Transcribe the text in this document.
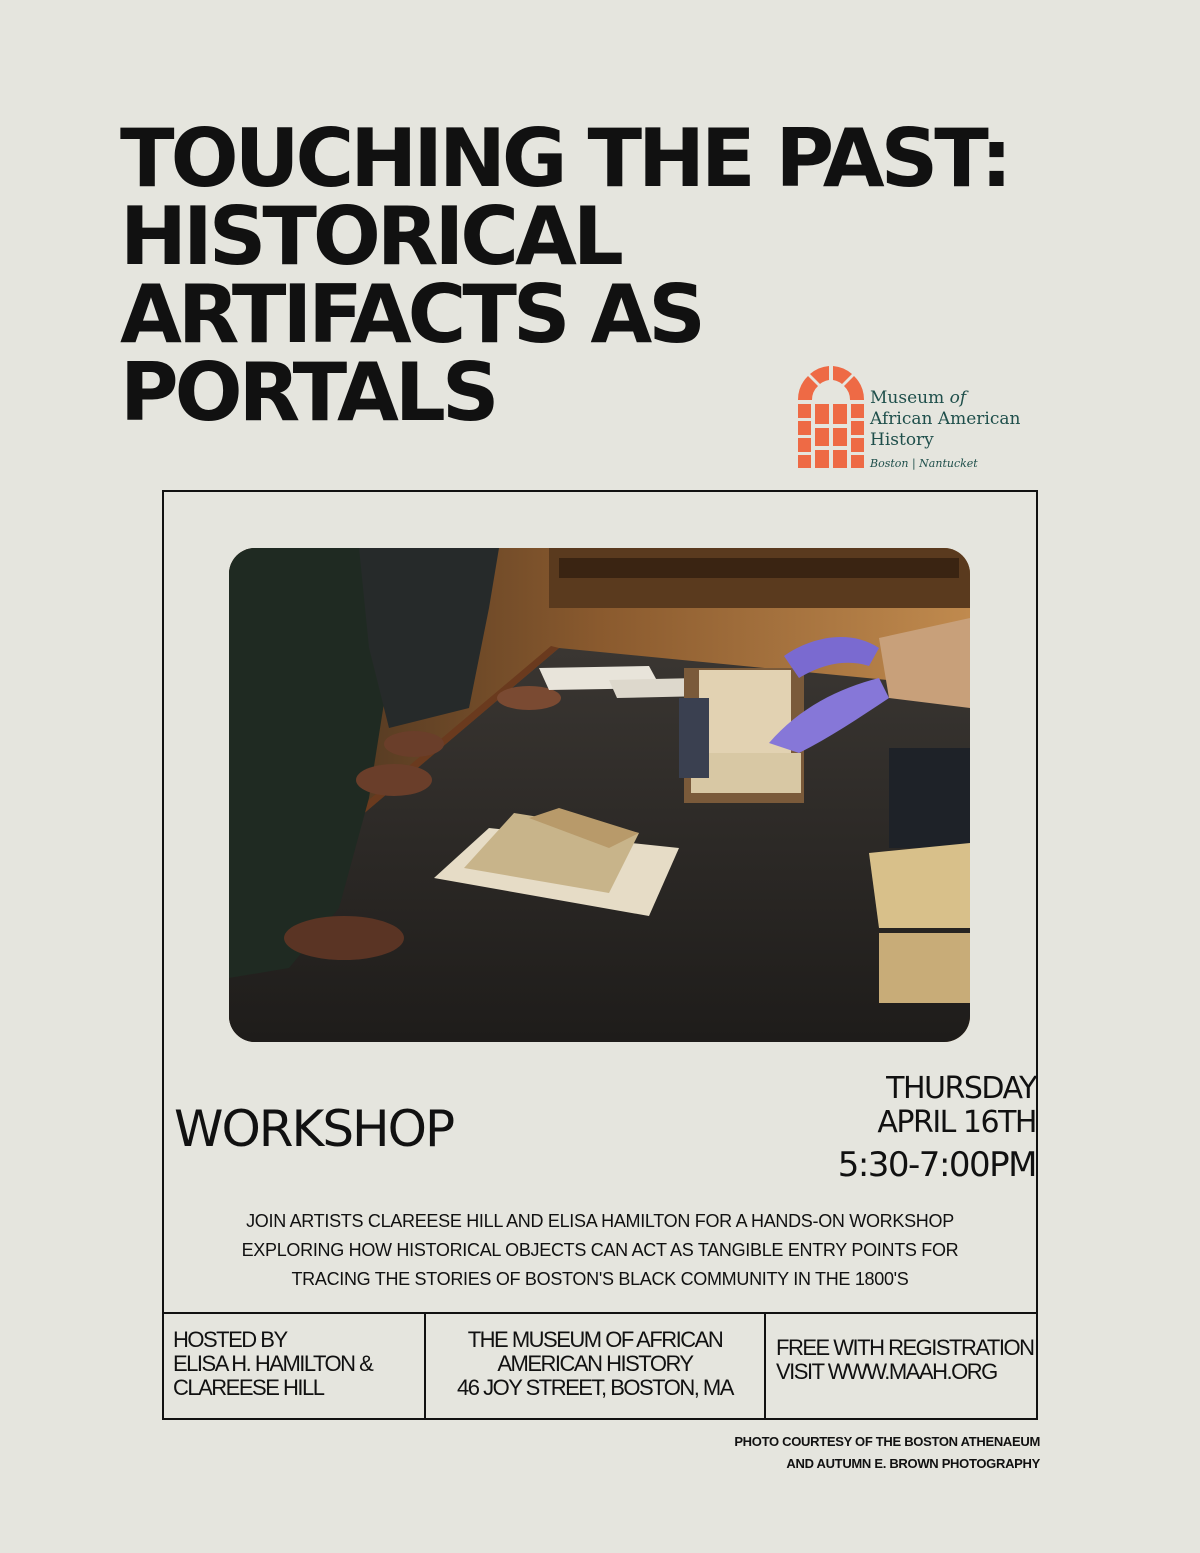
TOUCHING THE PAST:
HISTORICAL
ARTIFACTS AS
PORTALS	Museum of
African American
History
Boston | Nantucket
WORKSHOP
THURSDAY
APRIL 16TH
5:30-7:00PM
JOIN ARTISTS CLAREESE HILL AND ELISA HAMILTON FOR A HANDS-ON WORKSHOP
EXPLORING HOW HISTORICAL OBJECTS CAN ACT AS TANGIBLE ENTRY POINTS FOR
TRACING THE STORIES OF BOSTON'S BLACK COMMUNITY IN THE 1800'S
HOSTED BY
ELISA H. HAMILTON &
CLAREESE HILL
THE MUSEUM OF AFRICAN
AMERICAN HISTORY
46 JOY STREET, BOSTON, MA
FREE WITH REGISTRATION
VISIT WWW.MAAH.ORG
PHOTO COURTESY OF THE BOSTON ATHENAEUM
AND AUTUMN E. BROWN PHOTOGRAPHY
